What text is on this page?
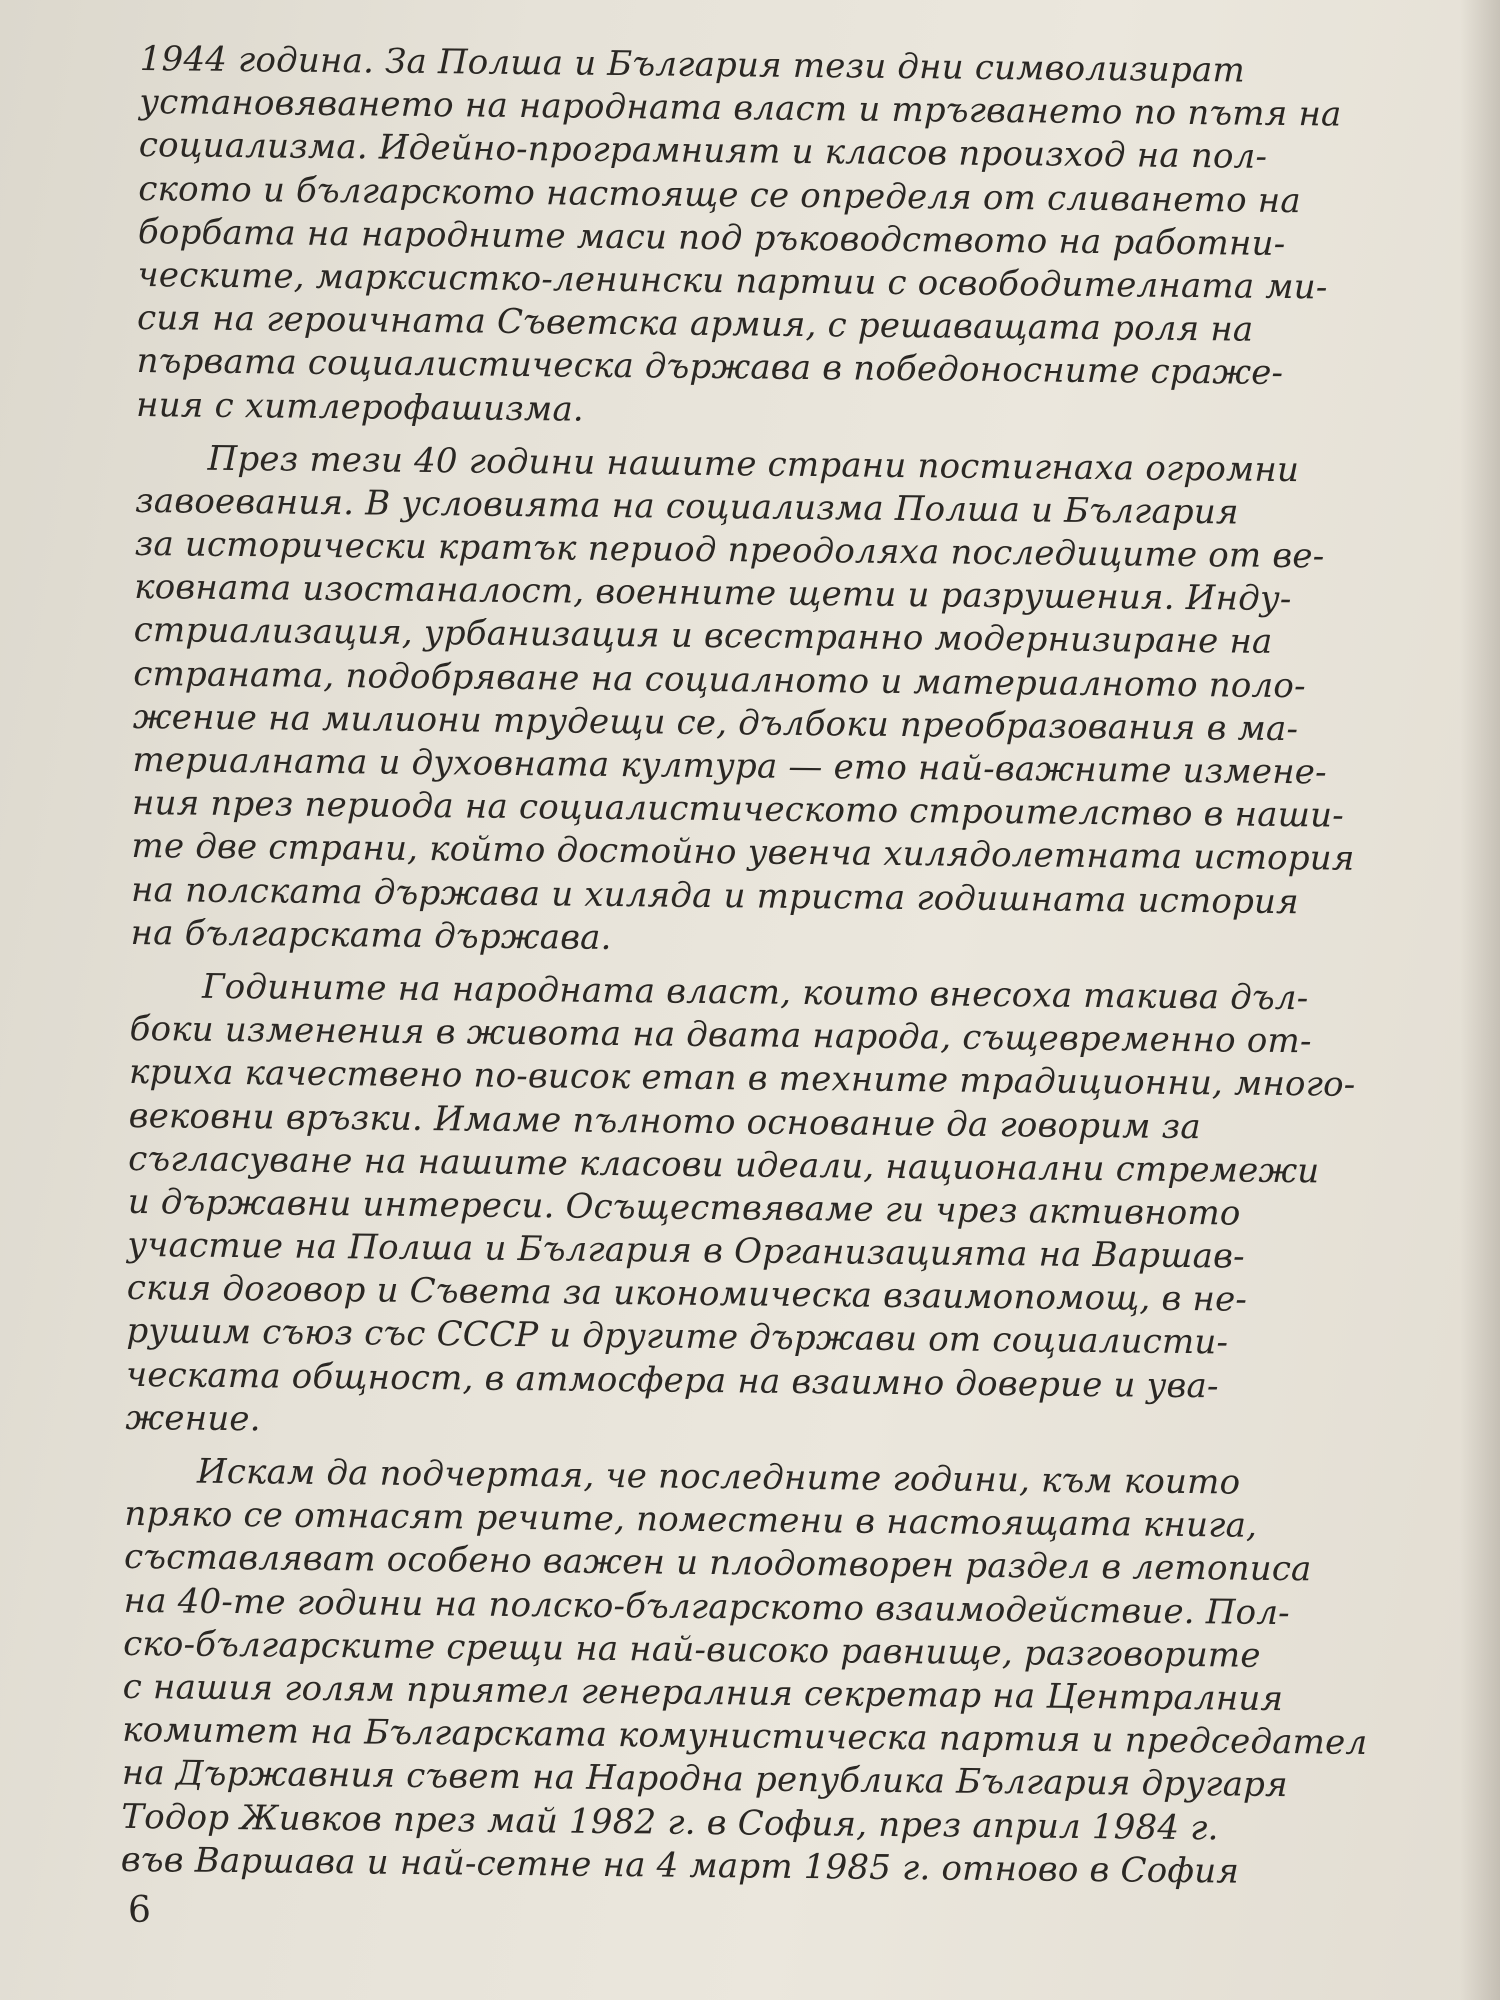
1944 година. За Полша и България тези дни символизират
установяването на народната власт и тръгването по пътя на
социализма. Идейно-програмният и класов произход на пол-
ското и българското настояще се определя от сливането на
борбата на народните маси под ръководството на работни-
ческите, марксистко-ленински партии с освободителната ми-
сия на героичната Съветска армия, с решаващата роля на
първата социалистическа държава в победоносните сраже-
ния с хитлерофашизма.
През тези 40 години нашите страни постигнаха огромни
завоевания. В условията на социализма Полша и България
за исторически кратък период преодоляха последиците от ве-
ковната изостаналост, военните щети и разрушения. Инду-
стриализация, урбанизация и всестранно модернизиране на
страната, подобряване на социалното и материалното поло-
жение на милиони трудещи се, дълбоки преобразования в ма-
териалната и духовната култура — ето най-важните измене-
ния през периода на социалистическото строителство в наши-
те две страни, който достойно увенча хилядолетната история
на полската държава и хиляда и триста годишната история
на българската държава.
Годините на народната власт, които внесоха такива дъл-
боки изменения в живота на двата народа, същевременно от-
криха качествено по-висок етап в техните традиционни, много-
вековни връзки. Имаме пълното основание да говорим за
съгласуване на нашите класови идеали, национални стремежи
и държавни интереси. Осъществяваме ги чрез активното
участие на Полша и България в Организацията на Варшав-
ския договор и Съвета за икономическа взаимопомощ, в не-
рушим съюз със СССР и другите държави от социалисти-
ческата общност, в атмосфера на взаимно доверие и ува-
жение.
Искам да подчертая, че последните години, към които
пряко се отнасят речите, поместени в настоящата книга,
съставляват особено важен и плодотворен раздел в летописа
на 40-те години на полско-българското взаимодействие. Пол-
ско-българските срещи на най-високо равнище, разговорите
с нашия голям приятел генералния секретар на Централния
комитет на Българската комунистическа партия и председател
на Държавния съвет на Народна република България другаря
Тодор Живков през май 1982 г. в София, през април 1984 г.
във Варшава и най-сетне на 4 март 1985 г. отново в София
6
